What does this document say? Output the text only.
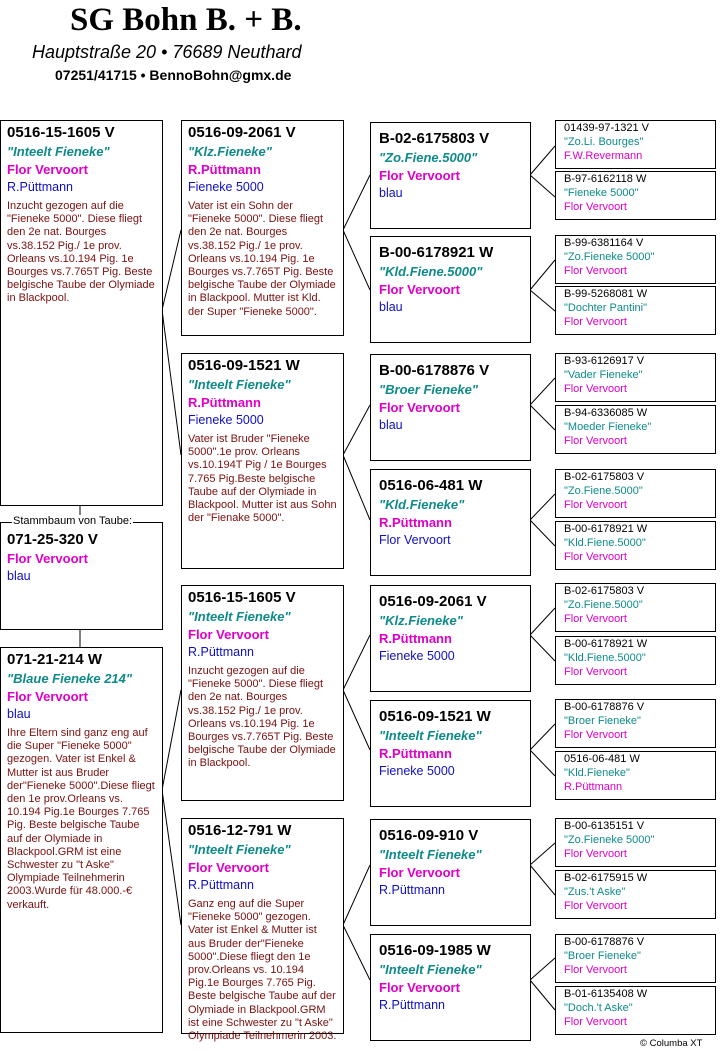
SG Bohn B. + B.
Hauptstraße 20 • 76689 Neuthard
07251/41715 • BennoBohn@gmx.de
0516-15-1605 V
"Inteelt Fieneke"
Flor Vervoort
R.Püttmann
Inzucht gezogen auf die "Fieneke 5000". Diese fliegt den 2e nat. Bourges vs.38.152 Pig./ 1e prov. Orleans vs.10.194 Pig. 1e Bourges vs.7.765T Pig. Beste belgische Taube der Olymiade in Blackpool.
Stammbaum von Taube:
071-25-320 V
Flor Vervoort
blau
071-21-214 W
"Blaue Fieneke 214"
Flor Vervoort
blau
Ihre Eltern sind ganz eng auf die Super "Fieneke 5000" gezogen. Vater ist Enkel & Mutter ist aus Bruder der"Fieneke 5000".Diese fliegt den 1e prov.Orleans vs. 10.194 Pig.1e Bourges 7.765 Pig. Beste belgische Taube auf der Olymiade in Blackpool.GRM ist eine Schwester zu "t Aske" Olympiade Teilnehmerin 2003.Wurde für 48.000.-€ verkauft.
0516-09-2061 V
"Klz.Fieneke"
R.Püttmann
Fieneke 5000
Vater ist ein Sohn der "Fieneke 5000". Diese fliegt den 2e nat. Bourges vs.38.152 Pig./ 1e prov. Orleans vs.10.194 Pig. 1e Bourges vs.7.765T Pig. Beste belgische Taube der Olymiade in Blackpool. Mutter ist Kld. der Super "Fieneke 5000".
0516-09-1521 W
"Inteelt Fieneke"
R.Püttmann
Fieneke 5000
Vater ist Bruder "Fieneke 5000".1e prov. Orleans vs.10.194T Pig / 1e Bourges 7.765 Pig.Beste belgische Taube auf der Olymiade in Blackpool. Mutter ist aus Sohn der "Fienake 5000".
0516-15-1605 V
"Inteelt Fieneke"
Flor Vervoort
R.Püttmann
Inzucht gezogen auf die "Fieneke 5000". Diese fliegt den 2e nat. Bourges vs.38.152 Pig./ 1e prov. Orleans vs.10.194 Pig. 1e Bourges vs.7.765T Pig. Beste belgische Taube der Olymiade in Blackpool.
0516-12-791 W
"Inteelt Fieneke"
Flor Vervoort
R.Püttmann
Ganz eng auf die Super "Fieneke 5000" gezogen. Vater ist Enkel & Mutter ist aus Bruder der"Fieneke 5000".Diese fliegt den 1e prov.Orleans vs. 10.194 Pig.1e Bourges 7.765 Pig. Beste belgische Taube auf der Olymiade in Blackpool.GRM ist eine Schwester zu "t Aske" Olympiade Teilnehmerin 2003.
B-02-6175803 V
"Zo.Fiene.5000"
Flor Vervoort
blau
B-00-6178921 W
"Kld.Fiene.5000"
Flor Vervoort
blau
B-00-6178876 V
"Broer Fieneke"
Flor Vervoort
blau
0516-06-481 W
"Kld.Fieneke"
R.Püttmann
Flor Vervoort
0516-09-2061 V
"Klz.Fieneke"
R.Püttmann
Fieneke 5000
0516-09-1521 W
"Inteelt Fieneke"
R.Püttmann
Fieneke 5000
0516-09-910 V
"Inteelt Fieneke"
Flor Vervoort
R.Püttmann
0516-09-1985 W
"Inteelt Fieneke"
Flor Vervoort
R.Püttmann
01439-97-1321 V
"Zo.Li. Bourges"
F.W.Revermann
B-97-6162118 W
"Fieneke 5000"
Flor Vervoort
B-99-6381164 V
"Zo.Fieneke 5000"
Flor Vervoort
B-99-5268081 W
"Dochter Pantini"
Flor Vervoort
B-93-6126917 V
"Vader Fieneke"
Flor Vervoort
B-94-6336085 W
"Moeder Fieneke"
Flor Vervoort
B-02-6175803 V
"Zo.Fiene.5000"
Flor Vervoort
B-00-6178921 W
"Kld.Fiene.5000"
Flor Vervoort
B-02-6175803 V
"Zo.Fiene.5000"
Flor Vervoort
B-00-6178921 W
"Kld.Fiene.5000"
Flor Vervoort
B-00-6178876 V
"Broer Fieneke"
Flor Vervoort
0516-06-481 W
"Kld.Fieneke"
R.Püttmann
B-00-6135151 V
"Zo.Fieneke 5000"
Flor Vervoort
B-02-6175915 W
"Zus.'t Aske"
Flor Vervoort
B-00-6178876 V
"Broer Fieneke"
Flor Vervoort
B-01-6135408 W
"Doch.'t Aske"
Flor Vervoort
© Columba XT
